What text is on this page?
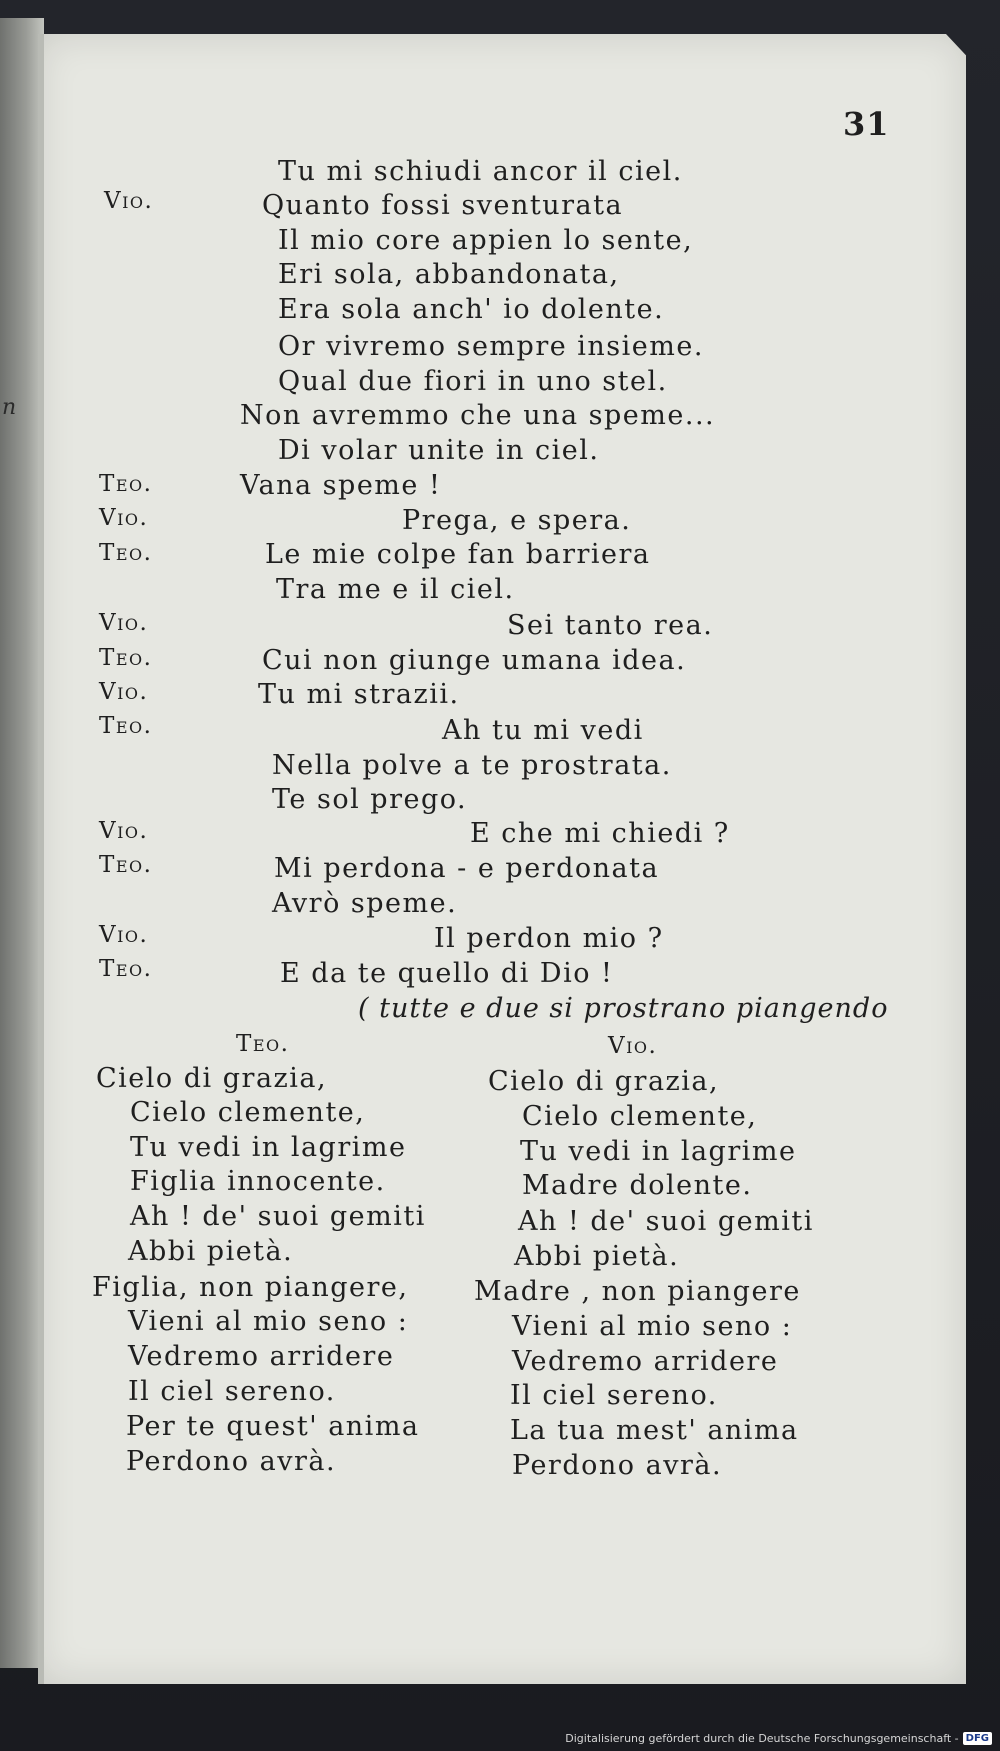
n
31
Vio.
Teo.
Vio.
Teo.
Vio.
Teo.
Vio.
Teo.
Vio.
Teo.
Vio.
Teo.
Tu mi schiudi ancor il ciel.
Quanto fossi sventurata
Il mio core appien lo sente,
Eri sola, abbandonata,
Era sola anch' io dolente.
Or vivremo sempre insieme.
Qual due fiori in uno stel.
Non avremmo che una speme...
Di volar unite in ciel.
Vana speme !
Prega, e spera.
Le mie colpe fan barriera
Tra me e il ciel.
Sei tanto rea.
Cui non giunge umana idea.
Tu mi strazii.
Ah tu mi vedi
Nella polve a te prostrata.
Te sol prego.
E che mi chiedi ?
Mi perdona - e perdonata
Avrò speme.
Il perdon mio ?
E da te quello di Dio !
( tutte e due si prostrano piangendo
Teo.	Vio.
Cielo di grazia,
Cielo clemente,
Tu vedi in lagrime
Figlia innocente.
Ah ! de' suoi gemiti
Abbi pietà.
Figlia, non piangere,
Vieni al mio seno :
Vedremo arridere
Il ciel sereno.
Per te quest' anima
Perdono avrà.
Cielo di grazia,
Cielo clemente,
Tu vedi in lagrime
Madre dolente.
Ah ! de' suoi gemiti
Abbi pietà.
Madre , non piangere
Vieni al mio seno :
Vedremo arridere
Il ciel sereno.
La tua mest' anima
Perdono avrà.
Digitalisierung gefördert durch die Deutsche Forschungsgemeinschaft - DFG
